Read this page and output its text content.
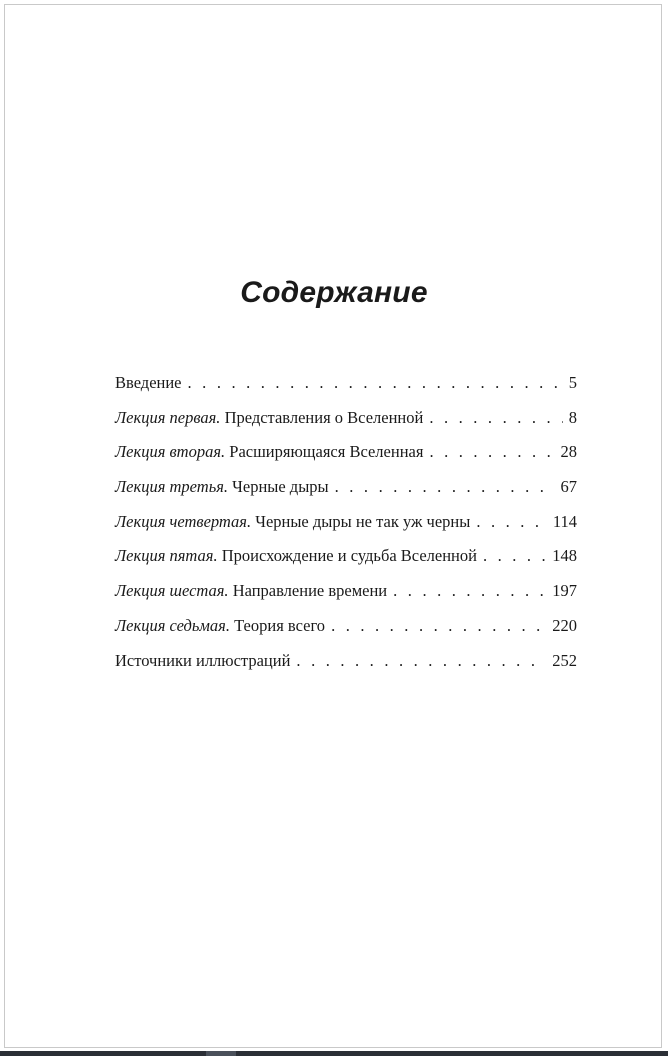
Содержание
Введение . . .	5
Лекция первая. Представления о Вселенной . . .	8
Лекция вторая. Расширяющаяся Вселенная . . .	28
Лекция третья. Черные дыры . . .	67
Лекция четвертая. Черные дыры не так уж черны . . .	114
Лекция пятая. Происхождение и судьба Вселенной . . .	148
Лекция шестая. Направление времени . . .	197
Лекция седьмая. Теория всего . . .	220
Источники иллюстраций . . .	252
